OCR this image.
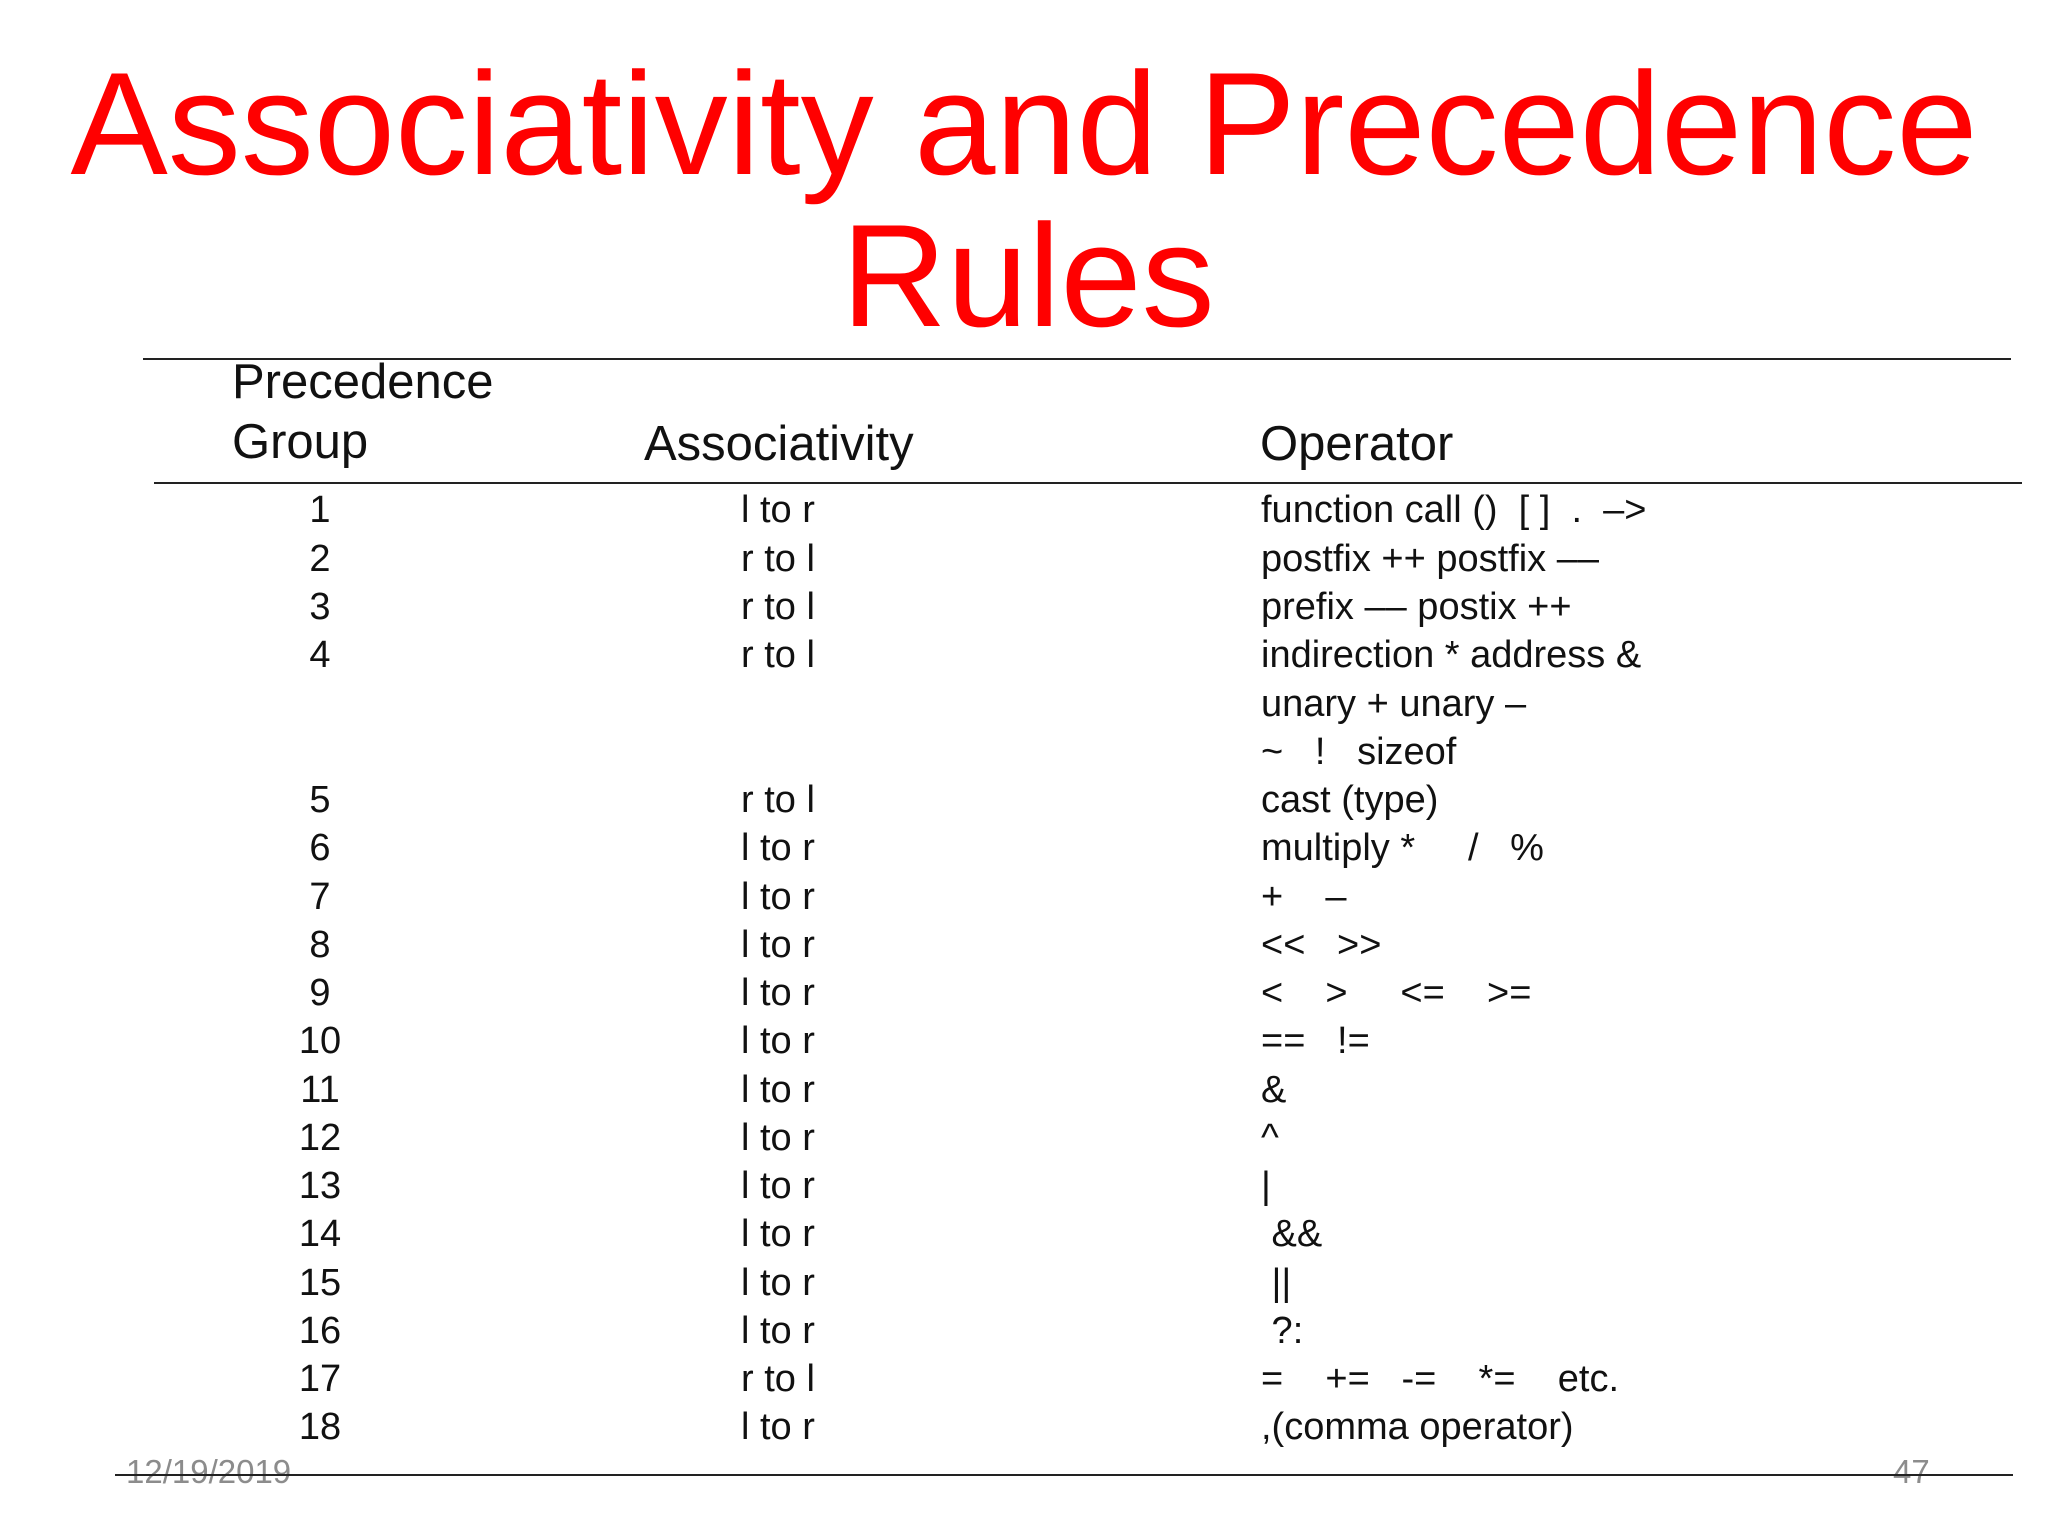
Associativity and Precedence
Rules
Precedence
Group	Associativity	Operator
1	l to r	function call ()  [ ]  .  –>
2	r to l	postfix ++ postfix ––
3	r to l	prefix –– postix ++
4	r to l	indirection * address &
unary + unary –
~   !   sizeof
5	r to l	cast (type)
6	l to r	multiply *     /   %
7	l to r	+    –
8	l to r	<<   >>
9	l to r	<    >     <=    >=
10	l to r	==   !=
11	l to r	&
12	l to r	^
13	l to r	|
14	l to r	&&
15	l to r	||
16	l to r	?:
17	r to l	=    +=   -=    *=    etc.
18	l to r	,(comma operator)
12/19/2019	47
